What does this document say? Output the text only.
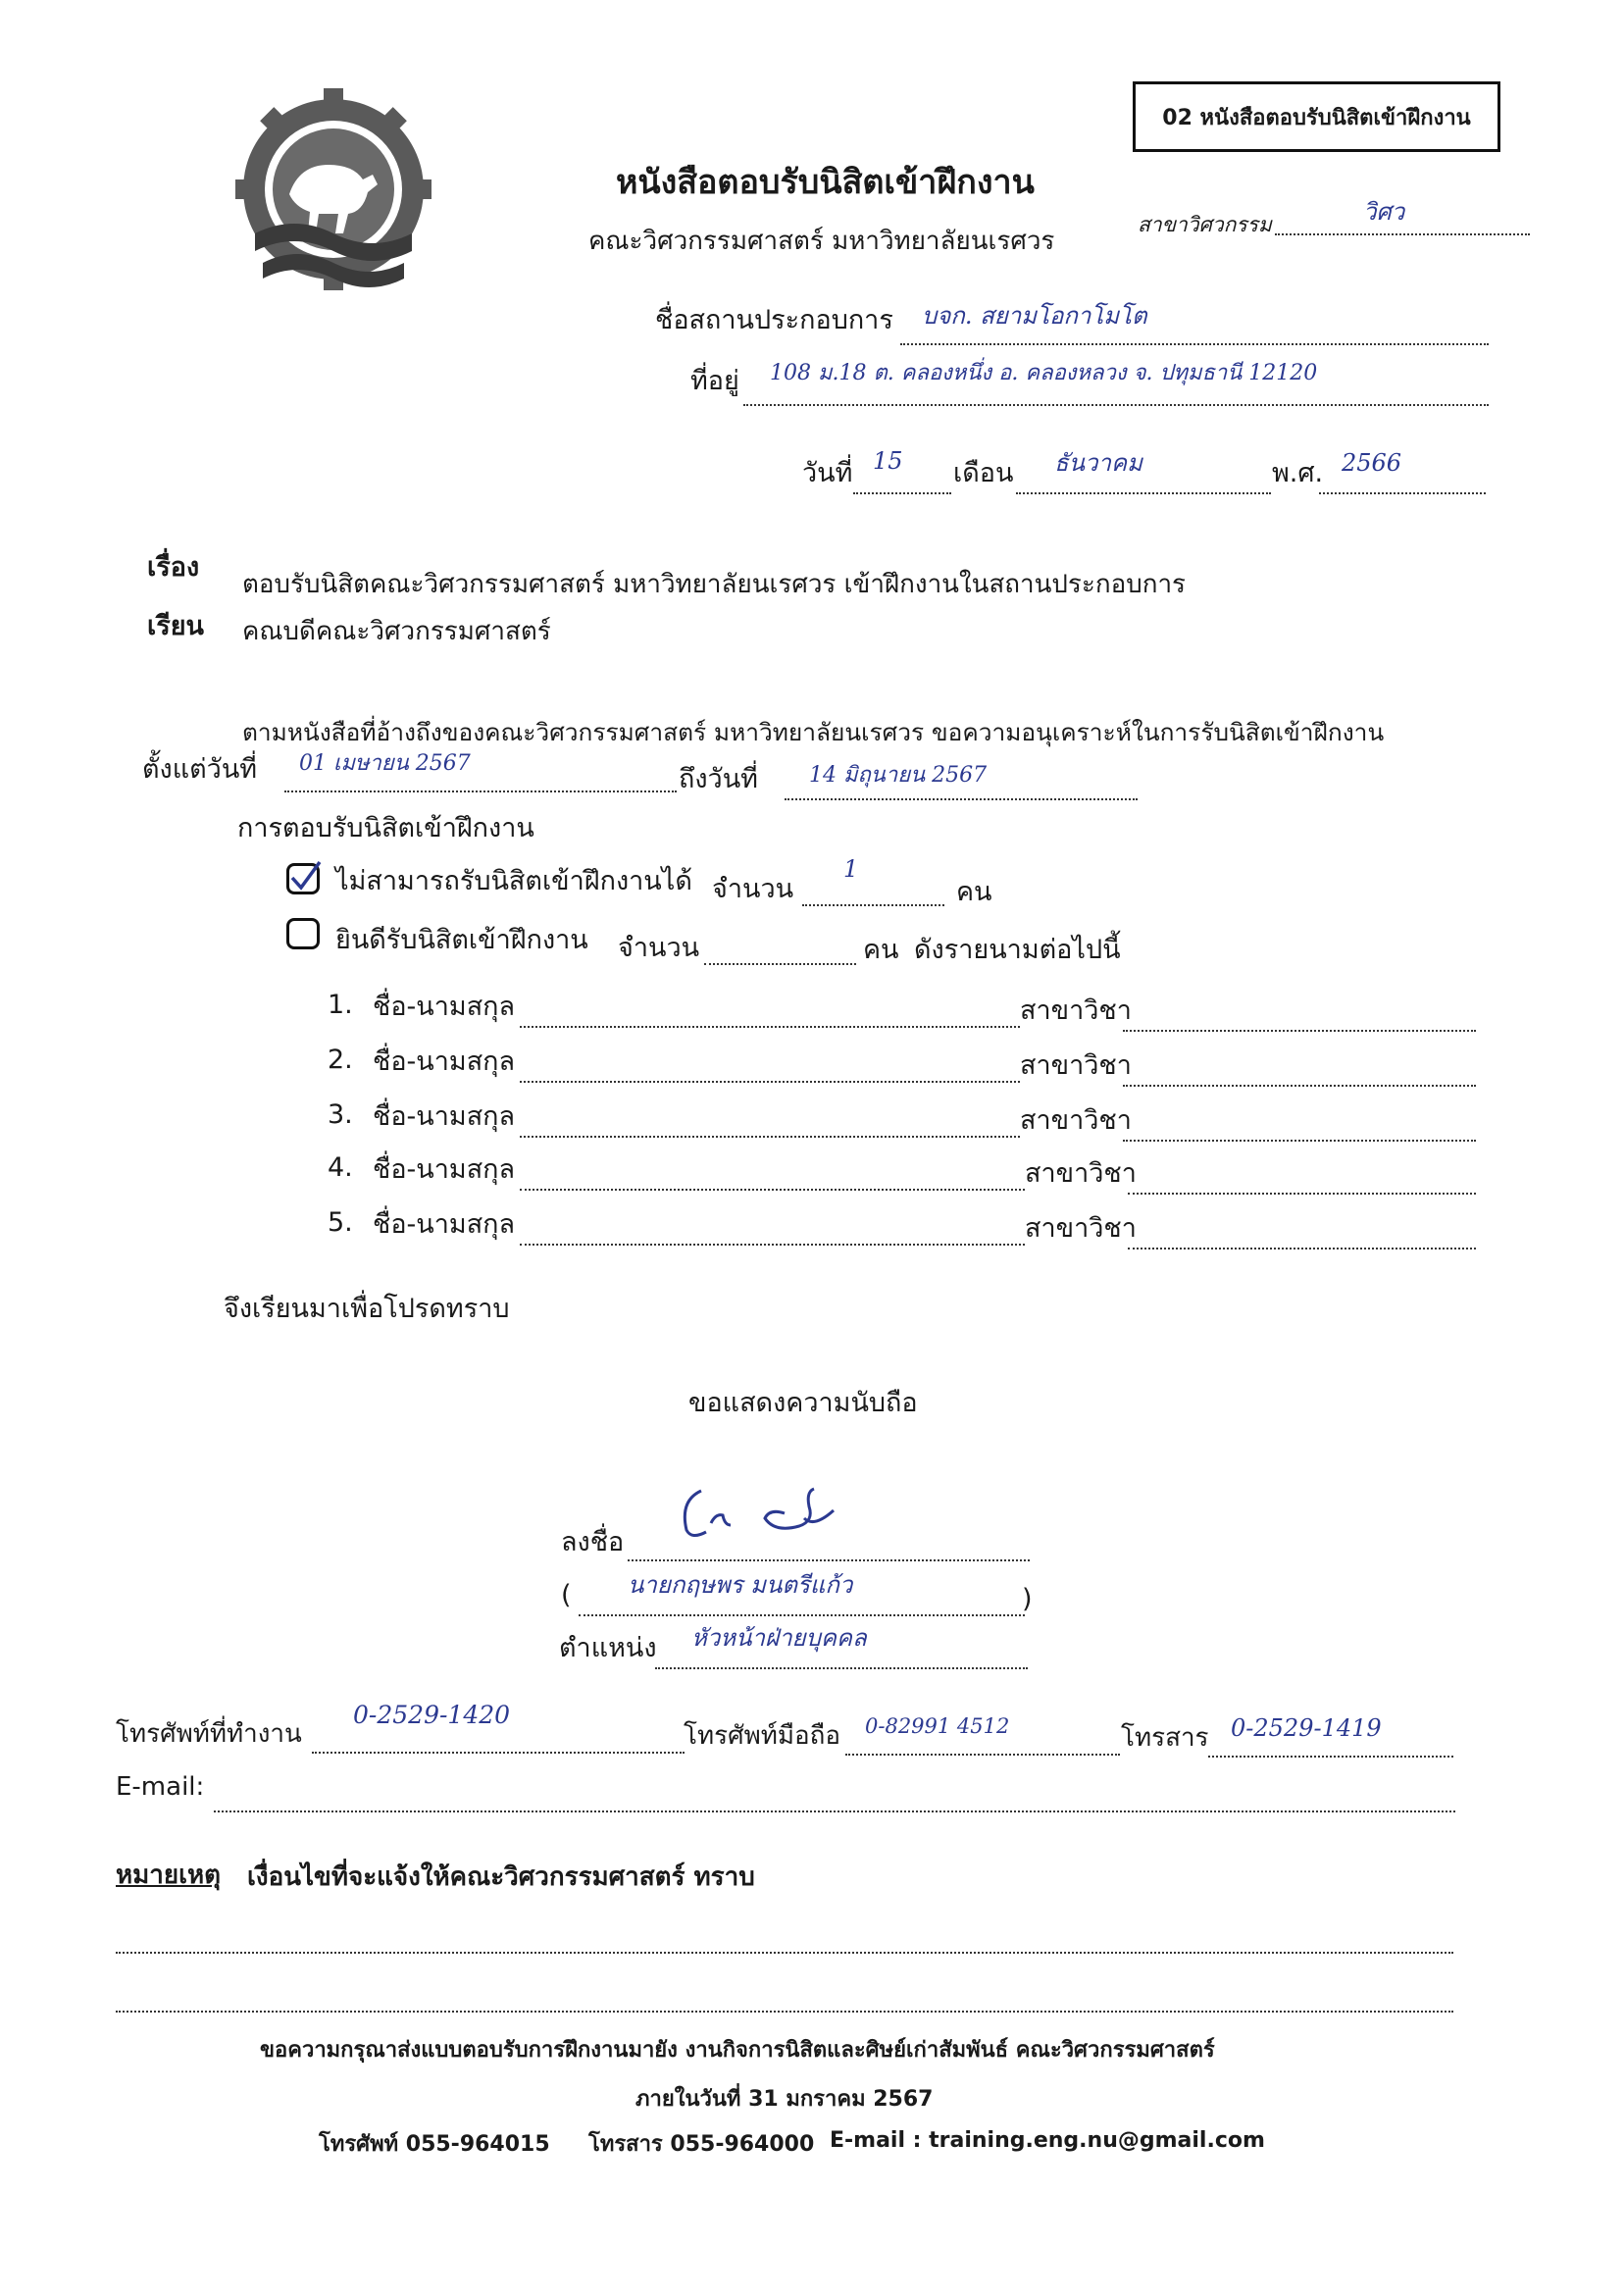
02 หนังสือตอบรับนิสิตเข้าฝึกงาน
หนังสือตอบรับนิสิตเข้าฝึกงาน
คณะวิศวกรรมศาสตร์ มหาวิทยาลัยนเรศวร
สาขาวิศวกรรม	วิศว
ชื่อสถานประกอบการ บจก. สยามโอกาโมโต
ที่อยู่ 108 ม.18 ต. คลองหนึ่ง อ. คลองหลวง จ. ปทุมธานี 12120
วันที่ 15 เดือน ธันวาคม	พ.ศ. 2566
เรื่อง
ตอบรับนิสิตคณะวิศวกรรมศาสตร์ มหาวิทยาลัยนเรศวร เข้าฝึกงานในสถานประกอบการ
เรียน คณบดีคณะวิศวกรรมศาสตร์
ตามหนังสือที่อ้างถึงของคณะวิศวกรรมศาสตร์ มหาวิทยาลัยนเรศวร ขอความอนุเคราะห์ในการรับนิสิตเข้าฝึกงาน
ตั้งแต่วันที่ 01 เมษายน 2567
ถึงวันที่ 14 มิถุนายน 2567
การตอบรับนิสิตเข้าฝึกงาน
ไม่สามารถรับนิสิตเข้าฝึกงานได้ จำนวน
1
คน
ยินดีรับนิสิตเข้าฝึกงาน จำนวน	คน ดังรายนามต่อไปนี้
1. ชื่อ-นามสกุล	สาขาวิชา
2. ชื่อ-นามสกุล	สาขาวิชา
3. ชื่อ-นามสกุล	สาขาวิชา
4. ชื่อ-นามสกุล	สาขาวิชา
5. ชื่อ-นามสกุล	สาขาวิชา
จึงเรียนมาเพื่อโปรดทราบ
ขอแสดงความนับถือ
ลงชื่อ
( นายกฤษพร มนตรีแก้ว	)
ตำแหน่ง หัวหน้าฝ่ายบุคคล
โทรศัพท์ที่ทำงาน
0-2529-1420
โทรศัพท์มือถือ 0-82991 4512	โทรสาร 0-2529-1419
E-mail:
หมายเหตุ เงื่อนไขที่จะแจ้งให้คณะวิศวกรรมศาสตร์ ทราบ
ขอความกรุณาส่งแบบตอบรับการฝึกงานมายัง งานกิจการนิสิตและศิษย์เก่าสัมพันธ์ คณะวิศวกรรมศาสตร์
ภายในวันที่ 31 มกราคม 2567
โทรศัพท์ 055-964015 โทรสาร 055-964000 E-mail : training.eng.nu@gmail.com
